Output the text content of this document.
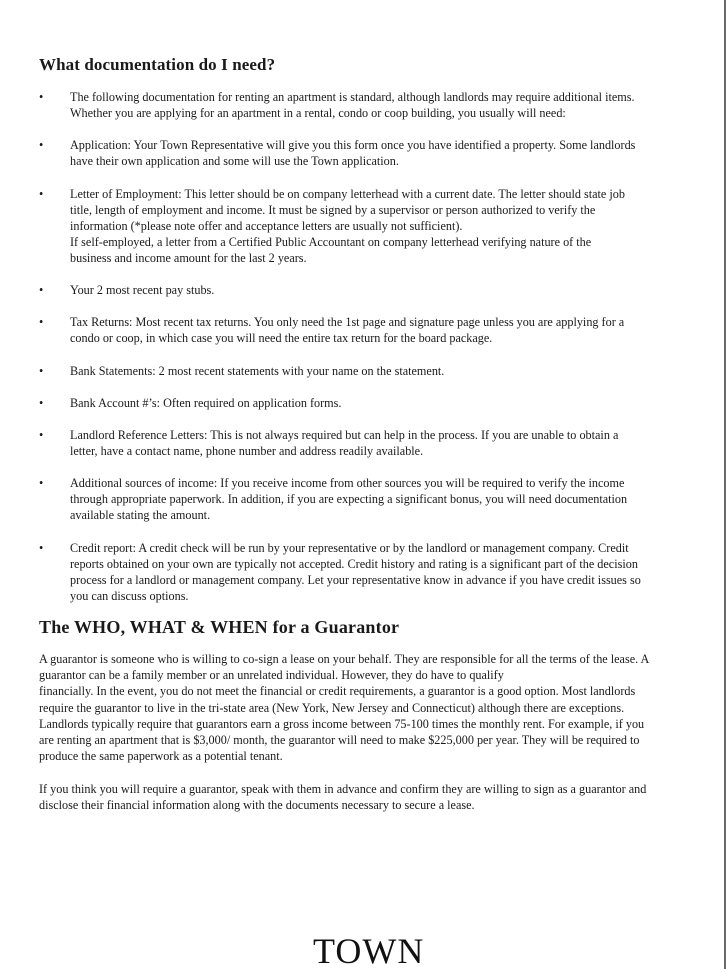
What documentation do I need?
• The following documentation for renting an apartment is standard, although landlords may require additional items.
Whether you are applying for an apartment in a rental, condo or coop building, you usually will need:
• Application: Your Town Representative will give you this form once you have identified a property. Some landlords
have their own application and some will use the Town application.
• Letter of Employment: This letter should be on company letterhead with a current date. The letter should state job
title, length of employment and income. It must be signed by a supervisor or person authorized to verify the
information (*please note offer and acceptance letters are usually not sufficient).
If self-employed, a letter from a Certified Public Accountant on company letterhead verifying nature of the
business and income amount for the last 2 years.
• Your 2 most recent pay stubs.
• Tax Returns: Most recent tax returns. You only need the 1st page and signature page unless you are applying for a
condo or coop, in which case you will need the entire tax return for the board package.
• Bank Statements: 2 most recent statements with your name on the statement.
• Bank Account #’s: Often required on application forms.
• Landlord Reference Letters: This is not always required but can help in the process. If you are unable to obtain a
letter, have a contact name, phone number and address readily available.
• Additional sources of income: If you receive income from other sources you will be required to verify the income
through appropriate paperwork. In addition, if you are expecting a significant bonus, you will need documentation
available stating the amount.
• Credit report: A credit check will be run by your representative or by the landlord or management company. Credit
reports obtained on your own are typically not accepted. Credit history and rating is a significant part of the decision
process for a landlord or management company. Let your representative know in advance if you have credit issues so
you can discuss options.
The WHO, WHAT & WHEN for a Guarantor

A guarantor is someone who is willing to co-sign a lease on your behalf. They are responsible for all the terms of the lease. A
guarantor can be a family member or an unrelated individual. However, they do have to qualify
financially. In the event, you do not meet the financial or credit requirements, a guarantor is a good option. Most landlords
require the guarantor to live in the tri-state area (New York, New Jersey and Connecticut) although there are exceptions.
Landlords typically require that guarantors earn a gross income between 75-100 times the monthly rent. For example, if you
are renting an apartment that is $3,000/ month, the guarantor will need to make $225,000 per year. They will be required to
produce the same paperwork as a potential tenant.

If you think you will require a guarantor, speak with them in advance and confirm they are willing to sign as a guarantor and
disclose their financial information along with the documents necessary to secure a lease.

TOWN
